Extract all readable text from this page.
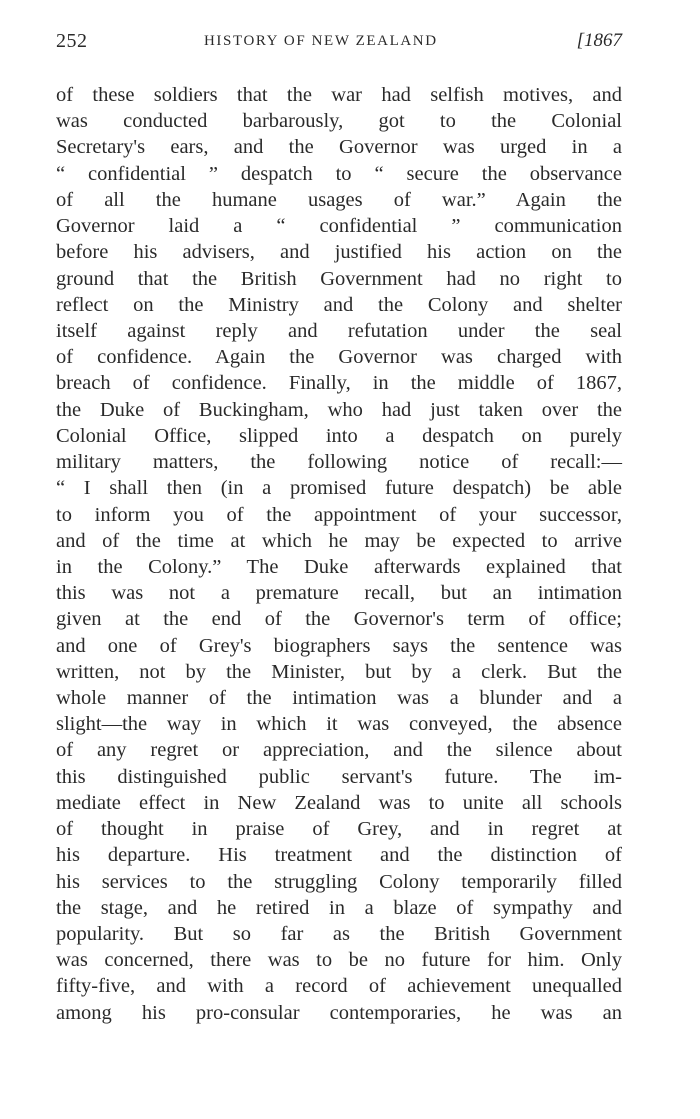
252	HISTORY OF NEW ZEALAND	[1867
of these soldiers that the war had selfish motives, and
was conducted barbarously, got to the Colonial
Secretary's ears, and the Governor was urged in a
“ confidential ” despatch to “ secure the observance
of all the humane usages of war.” Again the
Governor laid a “ confidential ” communication
before his advisers, and justified his action on the
ground that the British Government had no right to
reflect on the Ministry and the Colony and shelter
itself against reply and refutation under the seal
of confidence. Again the Governor was charged with
breach of confidence. Finally, in the middle of 1867,
the Duke of Buckingham, who had just taken over the
Colonial Office, slipped into a despatch on purely
military matters, the following notice of recall:—
“ I shall then (in a promised future despatch) be able
to inform you of the appointment of your successor,
and of the time at which he may be expected to arrive
in the Colony.” The Duke afterwards explained that
this was not a premature recall, but an intimation
given at the end of the Governor's term of office;
and one of Grey's biographers says the sentence was
written, not by the Minister, but by a clerk. But the
whole manner of the intimation was a blunder and a
slight—the way in which it was conveyed, the absence
of any regret or appreciation, and the silence about
this distinguished public servant's future. The im-
mediate effect in New Zealand was to unite all schools
of thought in praise of Grey, and in regret at
his departure. His treatment and the distinction of
his services to the struggling Colony temporarily filled
the stage, and he retired in a blaze of sympathy and
popularity. But so far as the British Government
was concerned, there was to be no future for him. Only
fifty-five, and with a record of achievement unequalled
among his pro-consular contemporaries, he was an
